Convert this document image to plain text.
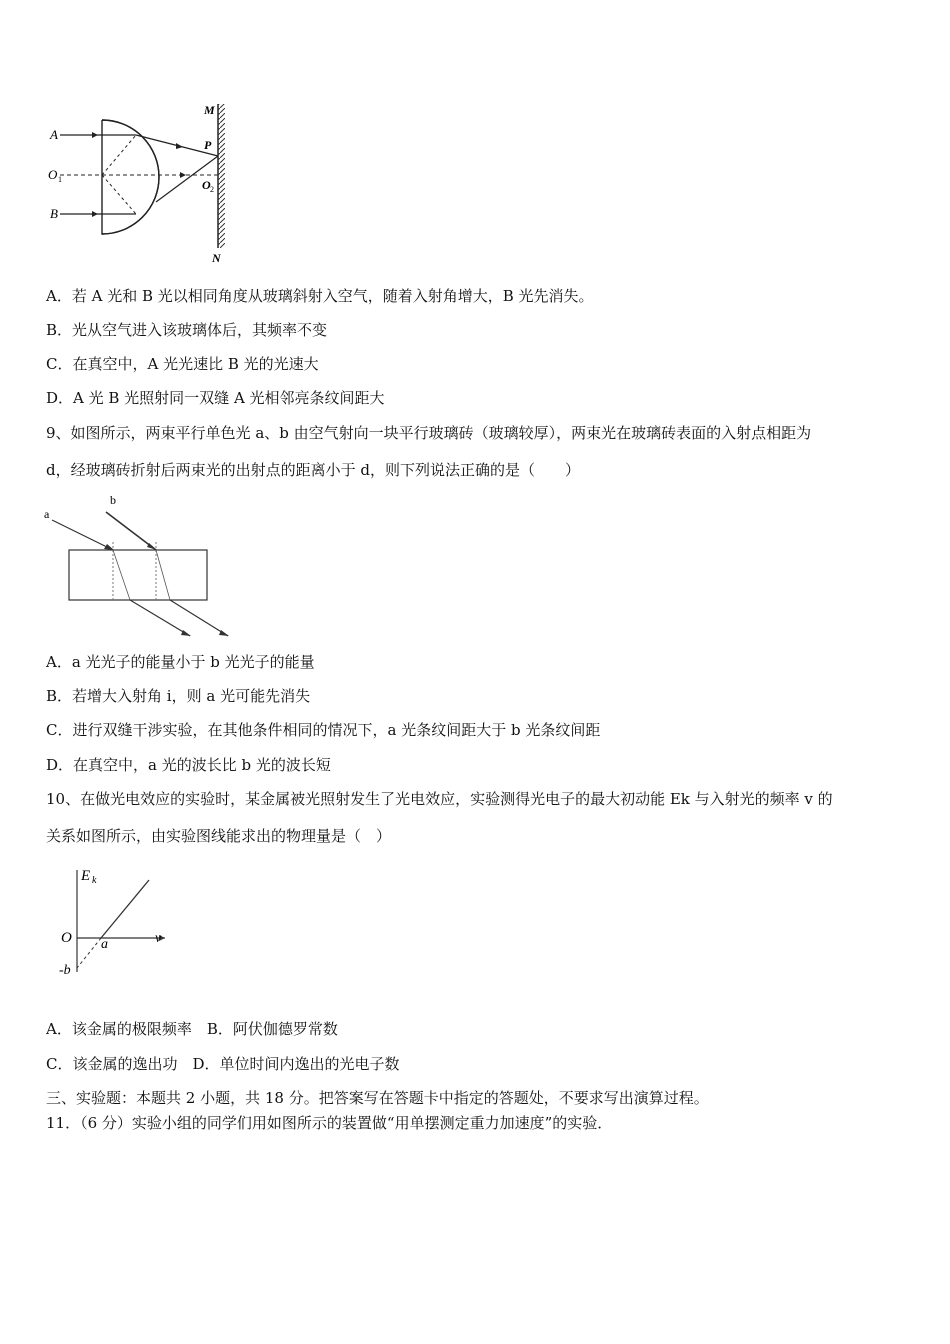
A
O 1
B
M
P
O 2
N
A．若 A 光和 B 光以相同角度从玻璃斜射入空气，随着入射角增大，B 光先消失。
B．光从空气进入该玻璃体后，其频率不变
C．在真空中，A 光光速比 B 光的光速大
D．A 光 B 光照射同一双缝 A 光相邻亮条纹间距大
9、如图所示，两束平行单色光 a、b 由空气射向一块平行玻璃砖（玻璃较厚），两束光在玻璃砖表面的入射点相距为
d，经玻璃砖折射后两束光的出射点的距离小于 d，则下列说法正确的是（　　）
a
b
A．a 光光子的能量小于 b 光光子的能量
B．若增大入射角 i，则 a 光可能先消失
C．进行双缝干涉实验，在其他条件相同的情况下，a 光条纹间距大于 b 光条纹间距
D．在真空中，a 光的波长比 b 光的波长短
10、在做光电效应的实验时，某金属被光照射发生了光电效应，实验测得光电子的最大初动能 Ek 与入射光的频率 v 的
关系如图所示，由实验图线能求出的物理量是（　）
E k
v
O a
-b
A．该金属的极限频率　B．阿伏伽德罗常数
C．该金属的逸出功　D．单位时间内逸出的光电子数
三、实验题：本题共 2 小题，共 18 分。把答案写在答题卡中指定的答题处，不要求写出演算过程。
11．（6 分）实验小组的同学们用如图所示的装置做“用单摆测定重力加速度”的实验．
